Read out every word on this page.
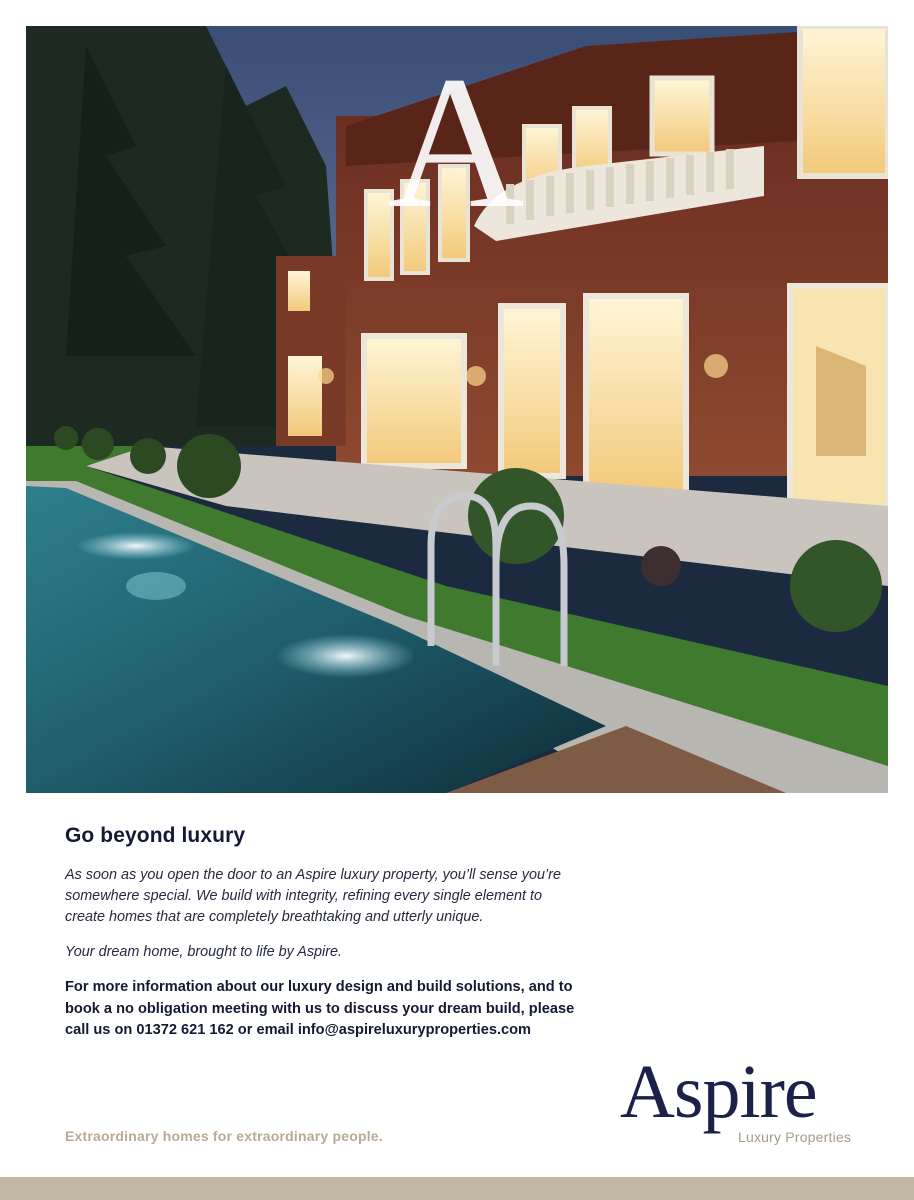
A
Go beyond luxury

As soon as you open the door to an Aspire luxury property, you’ll sense you’re
somewhere special. We build with integrity, refining every single element to
create homes that are completely breathtaking and utterly unique.

Your dream home, brought to life by Aspire.

For more information about our luxury design and build solutions, and to
book a no obligation meeting with us to discuss your dream build, please
call us on 01372 621 162 or email info@aspireluxuryproperties.com

Extraordinary homes for extraordinary people.
Aspire
Luxury Properties
